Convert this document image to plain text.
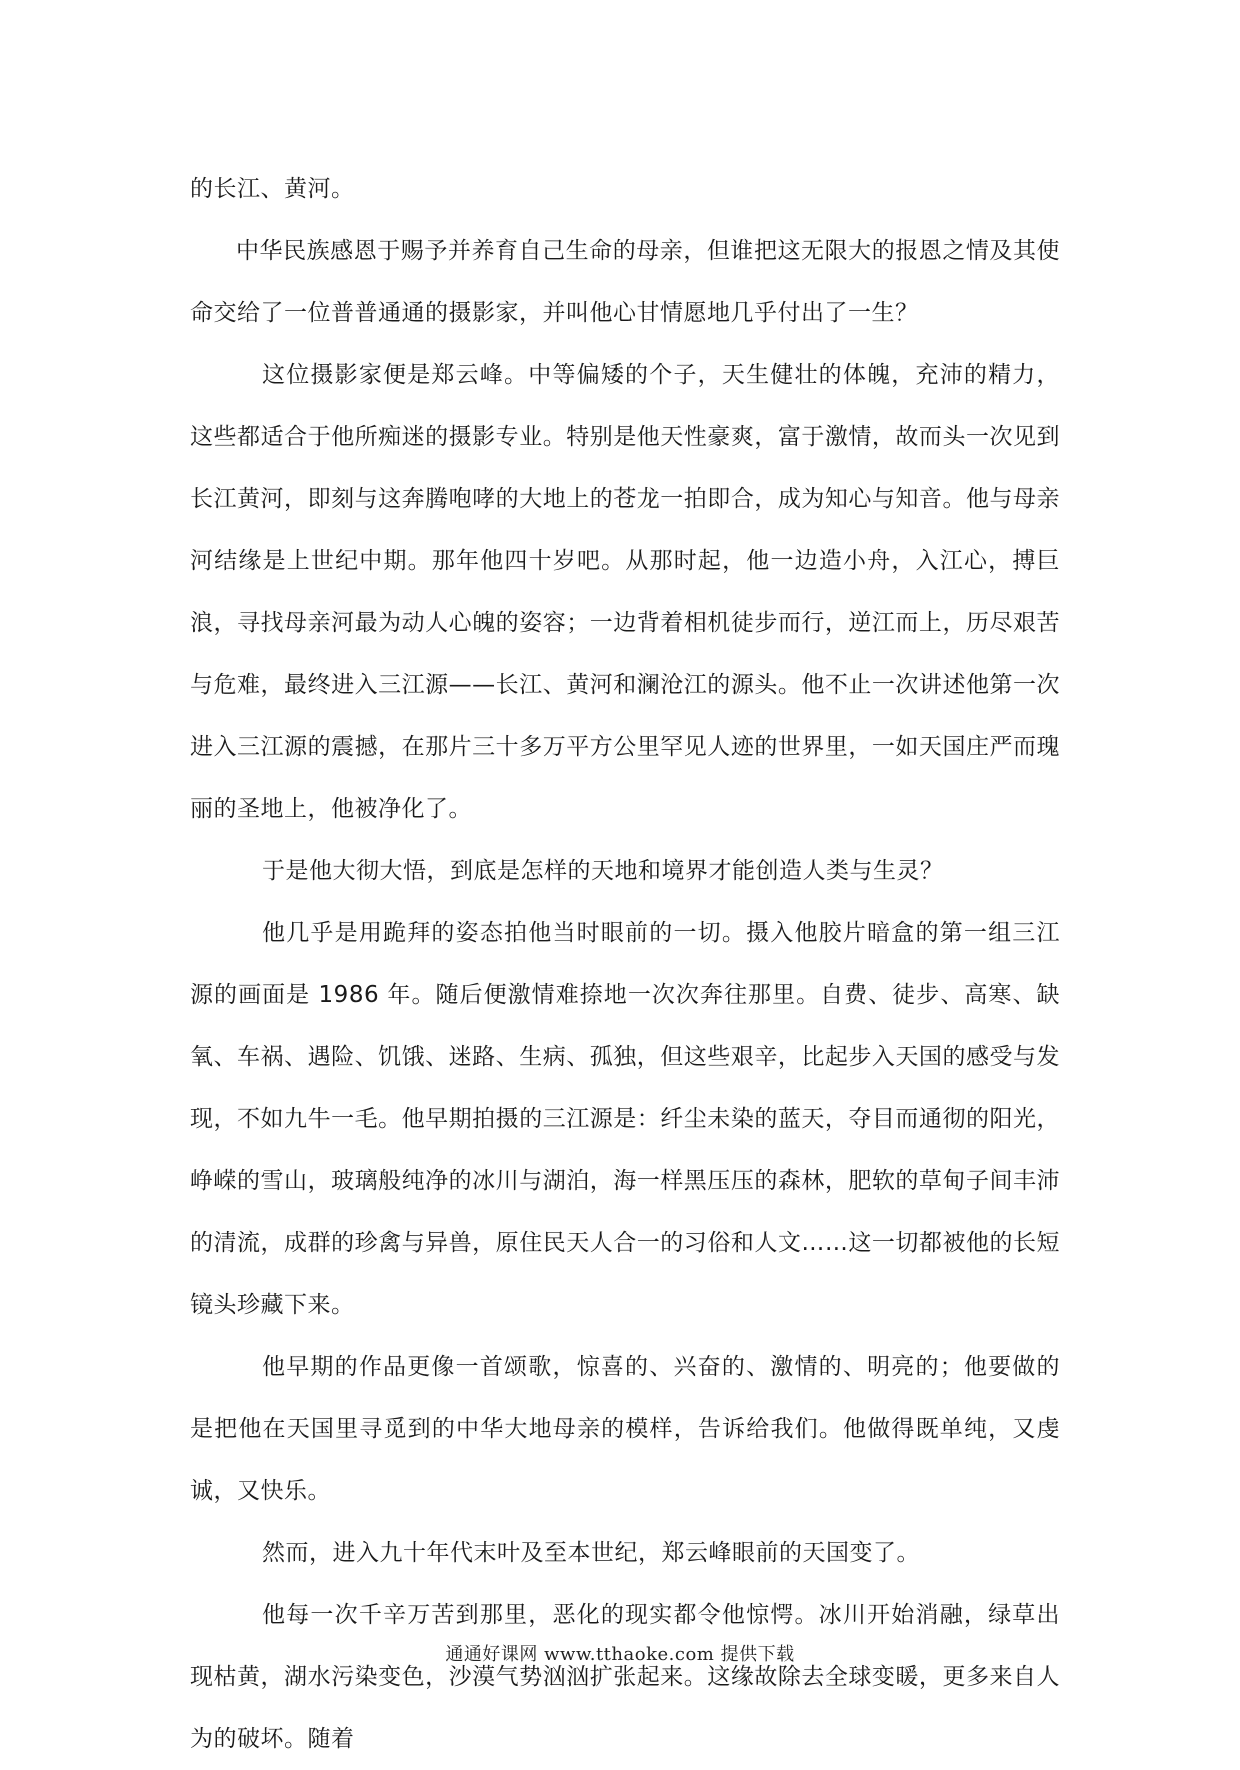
的长江、黄河。

中华民族感恩于赐予并养育自己生命的母亲，但谁把这无限大的报恩之情及其使命交给了一位普普通通的摄影家，并叫他心甘情愿地几乎付出了一生？

这位摄影家便是郑云峰。中等偏矮的个子，天生健壮的体魄，充沛的精力，这些都适合于他所痴迷的摄影专业。特别是他天性豪爽，富于激情，故而头一次见到长江黄河，即刻与这奔腾咆哮的大地上的苍龙一拍即合，成为知心与知音。他与母亲河结缘是上世纪中期。那年他四十岁吧。从那时起，他一边造小舟，入江心，搏巨浪，寻找母亲河最为动人心魄的姿容；一边背着相机徒步而行，逆江而上，历尽艰苦与危难，最终进入三江源——长江、黄河和澜沧江的源头。他不止一次讲述他第一次进入三江源的震撼，在那片三十多万平方公里罕见人迹的世界里，一如天国庄严而瑰丽的圣地上，他被净化了。

于是他大彻大悟，到底是怎样的天地和境界才能创造人类与生灵？

他几乎是用跪拜的姿态拍他当时眼前的一切。摄入他胶片暗盒的第一组三江源的画面是 1986 年。随后便激情难捺地一次次奔往那里。自费、徒步、高寒、缺氧、车祸、遇险、饥饿、迷路、生病、孤独，但这些艰辛，比起步入天国的感受与发现，不如九牛一毛。他早期拍摄的三江源是：纤尘未染的蓝天，夺目而通彻的阳光，峥嵘的雪山，玻璃般纯净的冰川与湖泊，海一样黑压压的森林，肥软的草甸子间丰沛的清流，成群的珍禽与异兽，原住民天人合一的习俗和人文……这一切都被他的长短镜头珍藏下来。

他早期的作品更像一首颂歌，惊喜的、兴奋的、激情的、明亮的；他要做的是把他在天国里寻觅到的中华大地母亲的模样，告诉给我们。他做得既单纯，又虔诚，又快乐。

然而，进入九十年代末叶及至本世纪，郑云峰眼前的天国变了。

他每一次千辛万苦到那里，恶化的现实都令他惊愕。冰川开始消融，绿草出现枯黄，湖水污染变色，沙漠气势汹汹扩张起来。这缘故除去全球变暖，更多来自人为的破坏。随着

通通好课网 www.tthaoke.com 提供下载
